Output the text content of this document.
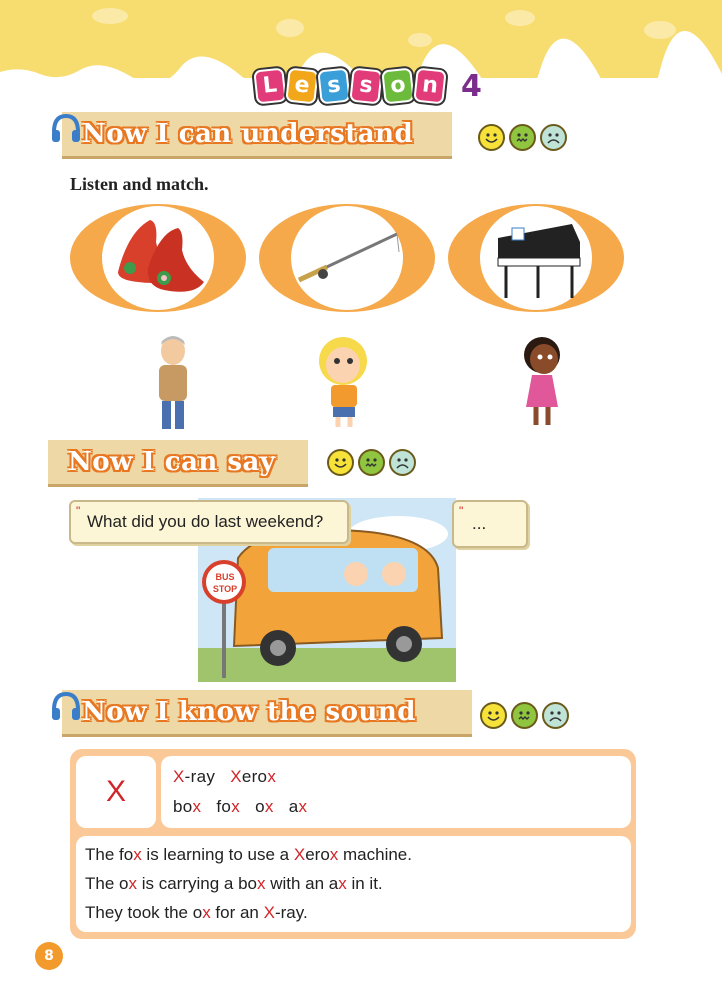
L e s s o n 4
Now I can understand
Listen and match.
Now I can say
BUS
STOP
"
What did you do last weekend?
"
...
Now I know the sound
X	X-ray Xerox
box fox ox ax
The fox is learning to use a Xerox machine.
The ox is carrying a box with an ax in it.
They took the ox for an X-ray.
8
